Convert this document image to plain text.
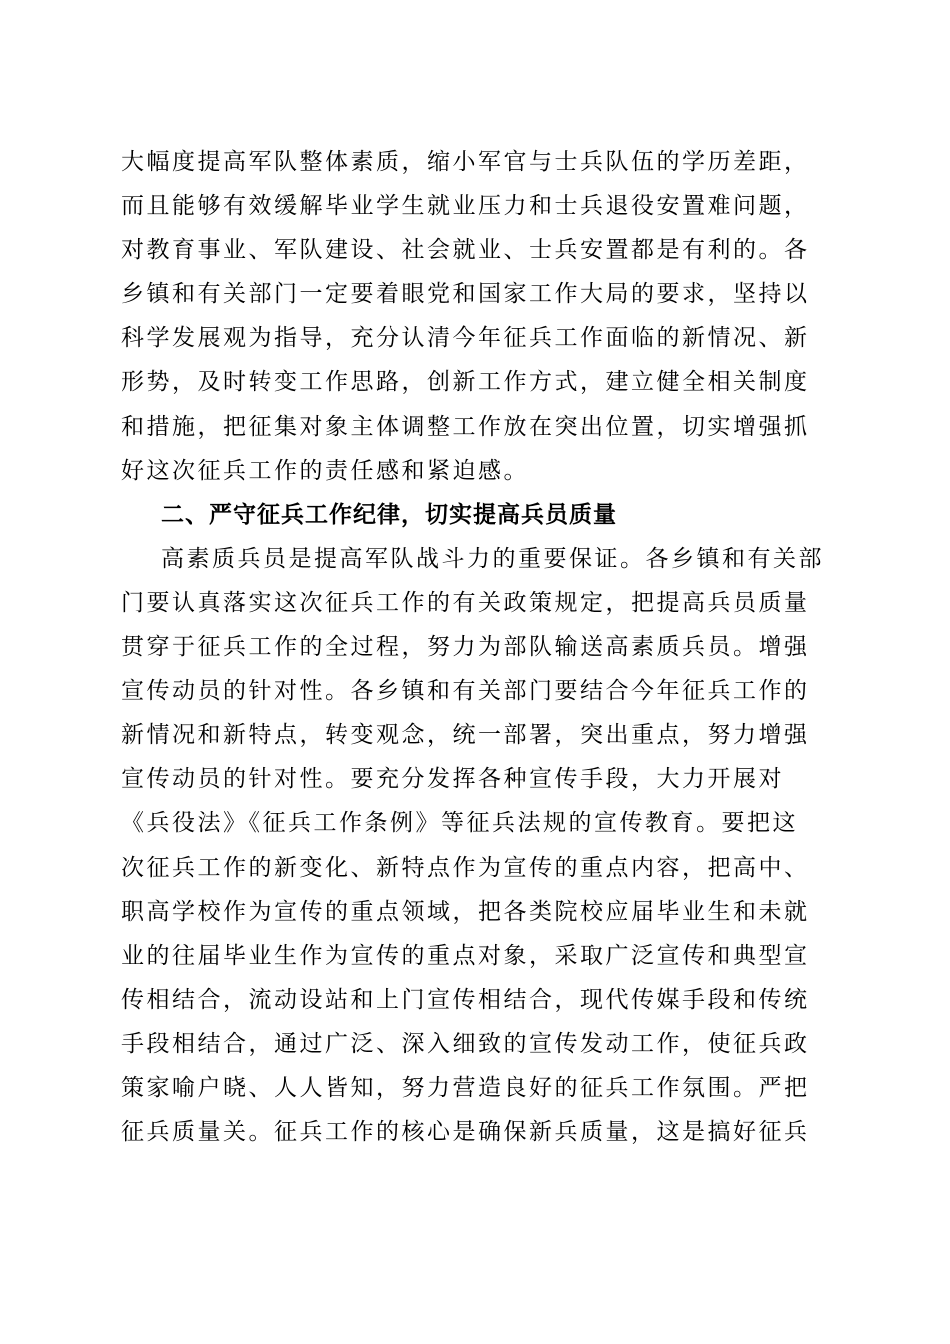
大幅度提高军队整体素质，缩小军官与士兵队伍的学历差距，
而且能够有效缓解毕业学生就业压力和士兵退役安置难问题，
对教育事业、军队建设、社会就业、士兵安置都是有利的。各
乡镇和有关部门一定要着眼党和国家工作大局的要求，坚持以
科学发展观为指导，充分认清今年征兵工作面临的新情况、新
形势，及时转变工作思路，创新工作方式，建立健全相关制度
和措施，把征集对象主体调整工作放在突出位置，切实增强抓
好这次征兵工作的责任感和紧迫感。
二、严守征兵工作纪律，切实提高兵员质量
高素质兵员是提高军队战斗力的重要保证。各乡镇和有关部
门要认真落实这次征兵工作的有关政策规定，把提高兵员质量
贯穿于征兵工作的全过程，努力为部队输送高素质兵员。增强
宣传动员的针对性。各乡镇和有关部门要结合今年征兵工作的
新情况和新特点，转变观念，统一部署，突出重点，努力增强
宣传动员的针对性。要充分发挥各种宣传手段，大力开展对
《兵役法》《征兵工作条例》等征兵法规的宣传教育。要把这
次征兵工作的新变化、新特点作为宣传的重点内容，把高中、
职高学校作为宣传的重点领域，把各类院校应届毕业生和未就
业的往届毕业生作为宣传的重点对象，采取广泛宣传和典型宣
传相结合，流动设站和上门宣传相结合，现代传媒手段和传统
手段相结合，通过广泛、深入细致的宣传发动工作，使征兵政
策家喻户晓、人人皆知，努力营造良好的征兵工作氛围。严把
征兵质量关。征兵工作的核心是确保新兵质量，这是搞好征兵
